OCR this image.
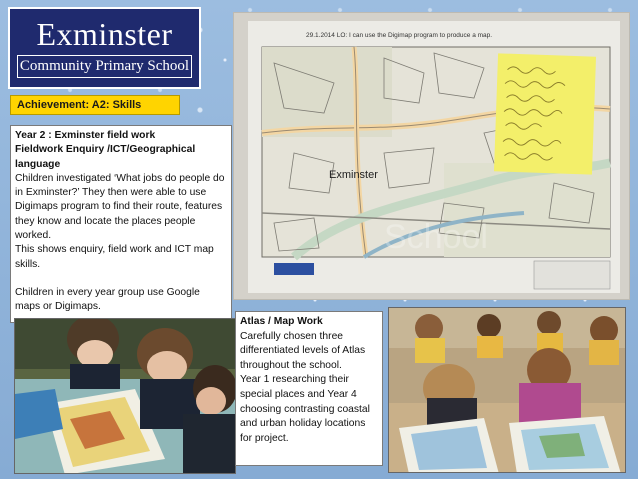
Exminster
Community Primary School
Achievement: A2: Skills

Year 2 : Exminster field work

Fieldwork Enquiry /ICT/Geographical language

Children investigated ‘What jobs do people do in Exminster?’ They then were able to use Digimaps program to find their route, features they know and locate the places people worked.

This shows enquiry, field work and ICT map skills.

Children in every year group use Google maps or Digimaps.

29.1.2014 LO: I can use the Digimap program to produce a map.
Exminster
School

Atlas / Map Work

Carefully chosen three differentiated levels of Atlas throughout the school.

Year 1 researching their special places and Year 4 choosing contrasting coastal and urban holiday locations for project.
